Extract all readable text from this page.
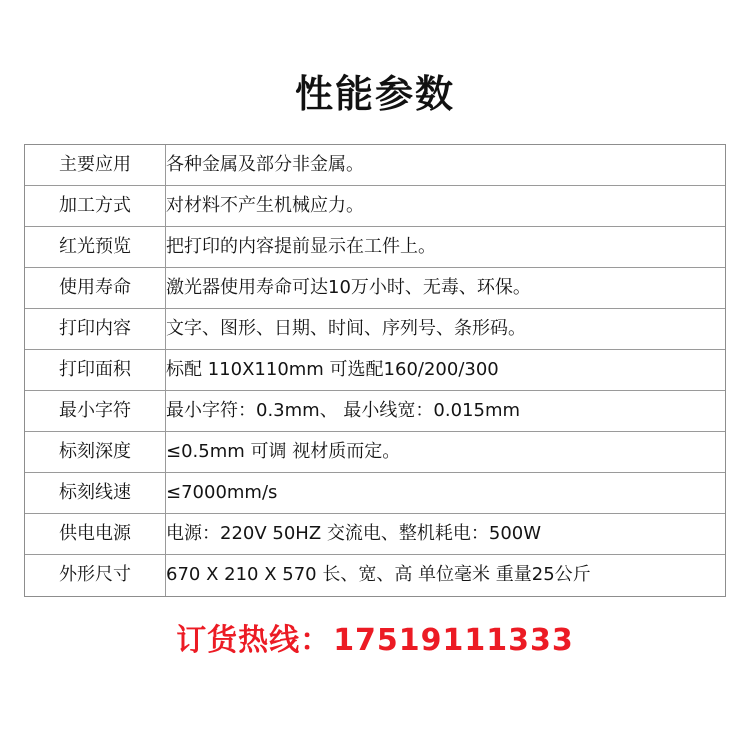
性能参数
主要应用	各种金属及部分非金属。
加工方式	对材料不产生机械应力。
红光预览	把打印的内容提前显示在工件上。
使用寿命	激光器使用寿命可达10万小时、无毒、环保。
打印内容	文字、图形、日期、时间、序列号、条形码。
打印面积	标配 110X110mm 可选配160/200/300
最小字符	最小字符：0.3mm、 最小线宽：0.015mm
标刻深度	≤0.5mm 可调 视材质而定。
标刻线速	≤7000mm/s
供电电源	电源：220V 50HZ 交流电、整机耗电：500W
外形尺寸	670 X 210 X 570 长、宽、高 单位毫米 重量25公斤
订货热线：17519111333
